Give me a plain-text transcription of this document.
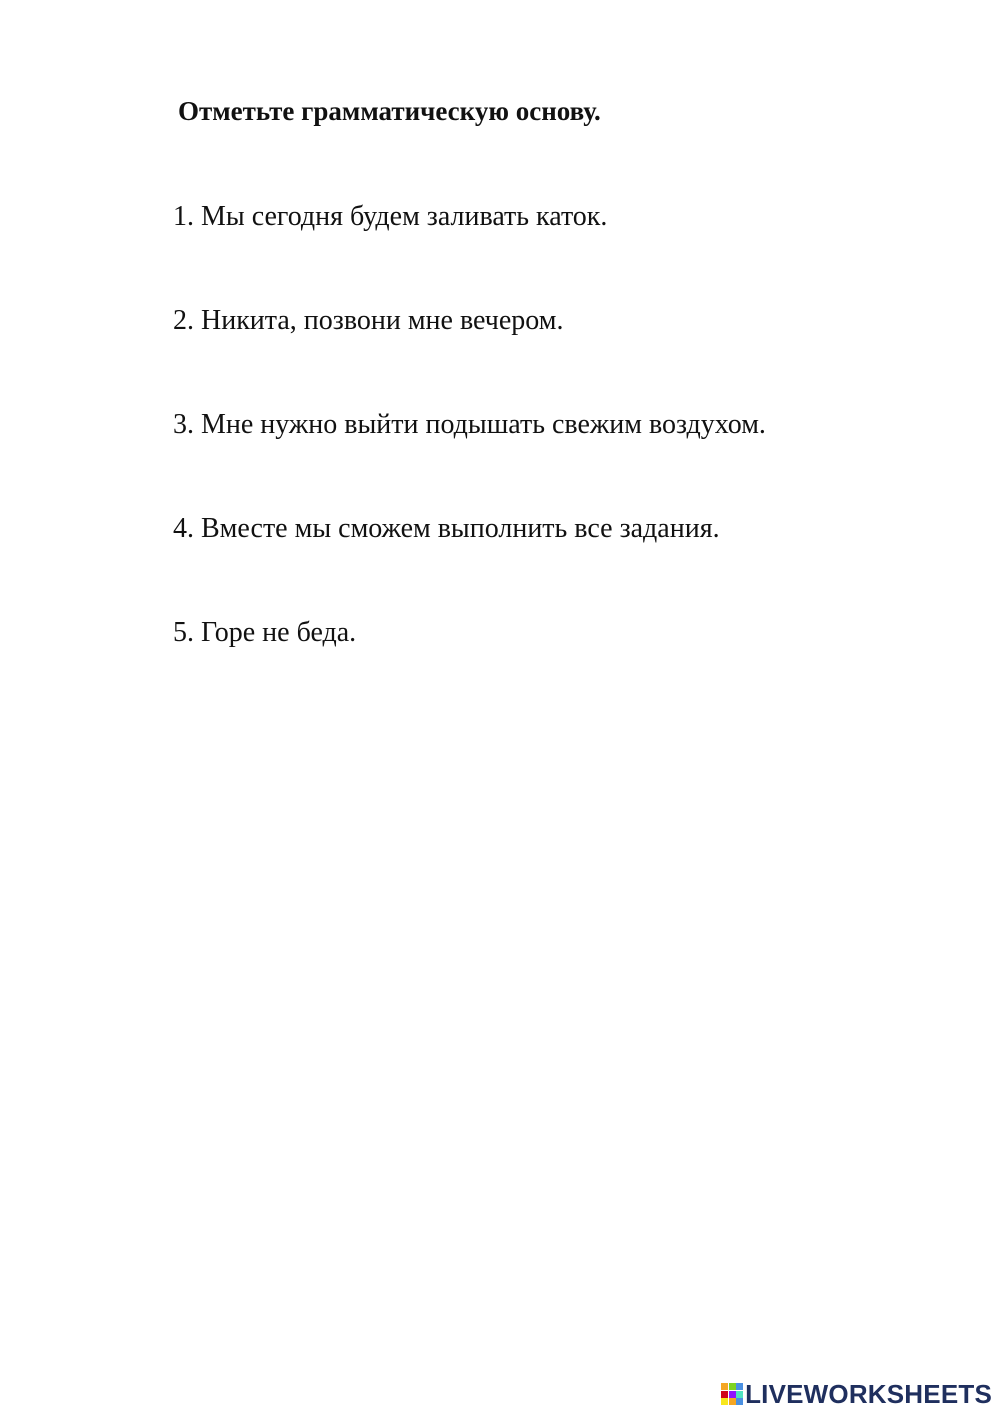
Отметьте грамматическую основу.
1. Мы сегодня будем заливать каток.
2. Никита, позвони мне вечером.
3. Мне нужно выйти подышать свежим воздухом.
4. Вместе мы сможем выполнить все задания.
5. Горе не беда.
LIVEWORKSHEETS
